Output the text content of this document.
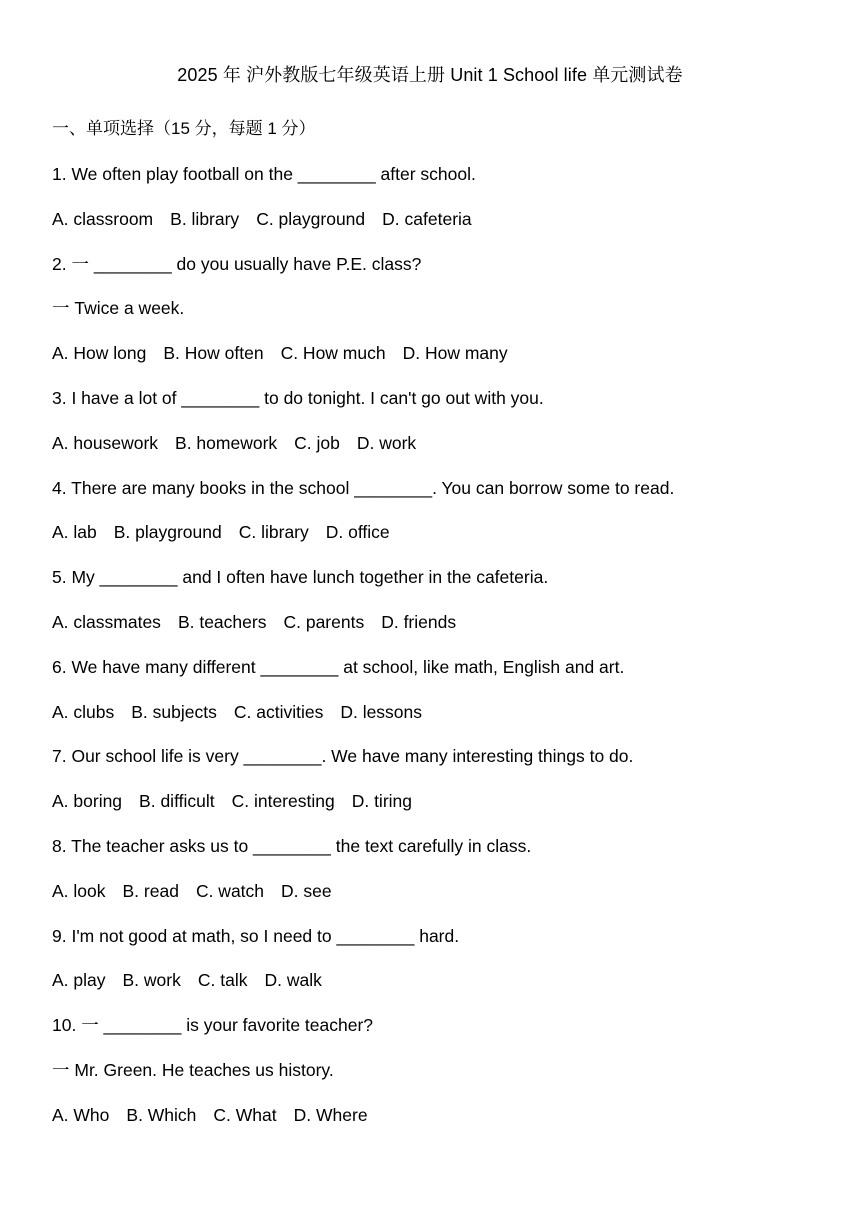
2025 年 沪外教版七年级英语上册 Unit 1 School life 单元测试卷
一、单项选择（15 分，每题 1 分）
1. We often play football on the ________ after school.
A. classroom B. library C. playground D. cafeteria
2. 一 ________ do you usually have P.E. class?
一 Twice a week.
A. How long B. How often C. How much D. How many
3. I have a lot of ________ to do tonight. I can't go out with you.
A. housework B. homework C. job D. work
4. There are many books in the school ________. You can borrow some to read.
A. lab B. playground C. library D. office
5. My ________ and I often have lunch together in the cafeteria.
A. classmates B. teachers C. parents D. friends
6. We have many different ________ at school, like math, English and art.
A. clubs B. subjects C. activities D. lessons
7. Our school life is very ________. We have many interesting things to do.
A. boring B. difficult C. interesting D. tiring
8. The teacher asks us to ________ the text carefully in class.
A. look B. read C. watch D. see
9. I'm not good at math, so I need to ________ hard.
A. play B. work C. talk D. walk
10. 一 ________ is your favorite teacher?
一 Mr. Green. He teaches us history.
A. Who B. Which C. What D. Where
